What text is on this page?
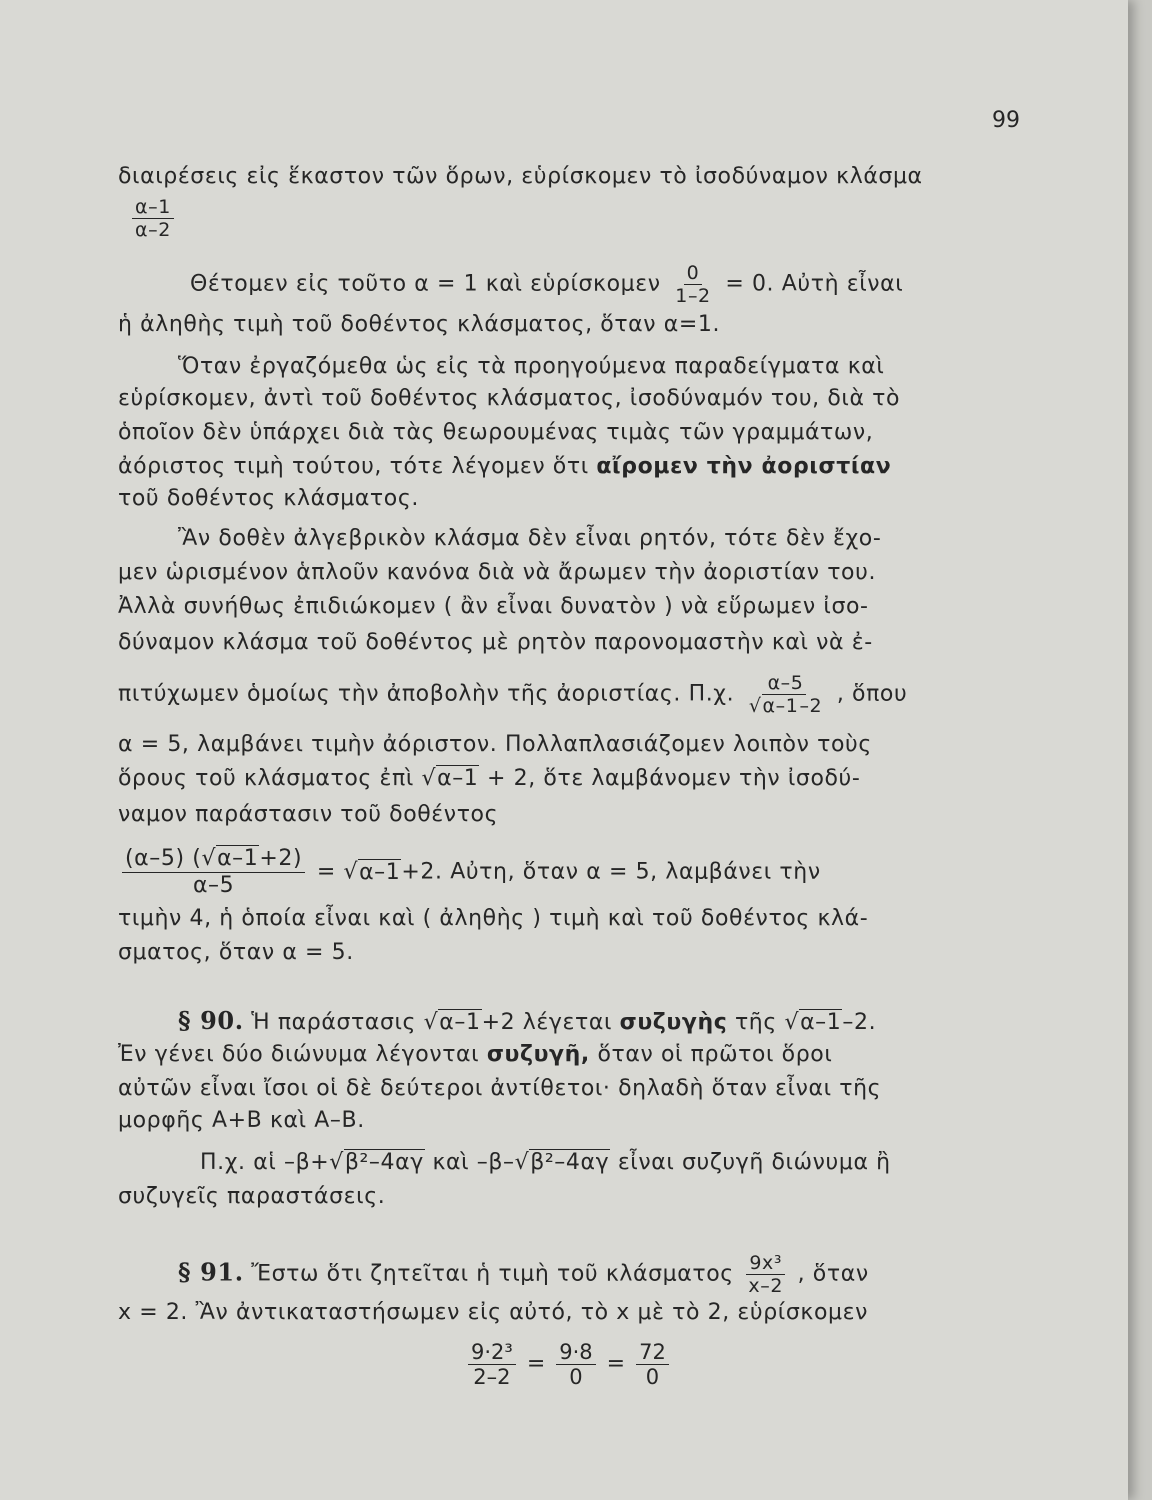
99
διαιρέσεις εἰς ἕκαστον τῶν ὅρων, εὑρίσκομεν τὸ ἰσοδύναμον κλάσμα
$\frac{\alpha-1}{\alpha-2}$
Θέτομεν εἰς τοῦτο α = 1 καὶ εὑρίσκομεν $\frac{0}{1-2} = 0$. Αὐτὴ εἶναι
ἡ ἀληθὴς τιμὴ τοῦ δοθέντος κλάσματος, ὅταν α=1.
Ὅταν ἐργαζόμεθα ὡς εἰς τὰ προηγούμενα παραδείγματα καὶ
εὑρίσκομεν, ἀντὶ τοῦ δοθέντος κλάσματος, ἰσοδύναμόν του, διὰ τὸ
ὁποῖον δὲν ὑπάρχει διὰ τὰς θεωρουμένας τιμὰς τῶν γραμμάτων,
ἀόριστος τιμὴ τούτου, τότε λέγομεν ὅτι αἴρομεν τὴν ἀοριστίαν
τοῦ δοθέντος κλάσματος.
Ἂν δοθὲν ἀλγεβρικὸν κλάσμα δὲν εἶναι ρητόν, τότε δὲν ἔχο-
μεν ὡρισμένον ἁπλοῦν κανόνα διὰ νὰ ἄρωμεν τὴν ἀοριστίαν του.
Ἀλλὰ συνήθως ἐπιδιώκομεν ( ἂν εἶναι δυνατὸν ) νὰ εὕρωμεν ἰσο-
δύναμον κλάσμα τοῦ δοθέντος μὲ ρητὸν παρονομαστὴν καὶ νὰ ἐ-
πιτύχωμεν ὁμοίως τὴν ἀποβολὴν τῆς ἀοριστίας. Π.χ. $\frac{\alpha-5}{√\alpha-1-2}$ , ὅπου
α = 5, λαμβάνει τιμὴν ἀόριστον. Πολλαπλασιάζομεν λοιπὸν τοὺς
ὅρους τοῦ κλάσματος ἐπὶ √α–1 + 2, ὅτε λαμβάνομεν τὴν ἰσοδύ-
ναμον παράστασιν τοῦ δοθέντος
$\frac{(\alpha-5) (√\alpha-1+2)}{\alpha-5} = √\alpha-1+2$. Αὐτη, ὅταν α = 5, λαμβάνει τὴν
τιμὴν 4, ἡ ὁποία εἶναι καὶ ( ἀληθὴς ) τιμὴ καὶ τοῦ δοθέντος κλά-
σματος, ὅταν α = 5.
§ 90. Ἡ παράστασις √α–1+2 λέγεται συζυγὴς τῆς √α–1–2.
Ἐν γένει δύο διώνυμα λέγονται συζυγῆ, ὅταν οἱ πρῶτοι ὅροι
αὐτῶν εἶναι ἴσοι οἱ δὲ δεύτεροι ἀντίθετοι· δηλαδὴ ὅταν εἶναι τῆς
μορφῆς Α+Β καὶ Α–Β.
Π.χ. αἱ –β+√β²–4αγ καὶ –β–√β²–4αγ εἶναι συζυγῆ διώνυμα ἢ
συζυγεῖς παραστάσεις.
§ 91. Ἔστω ὅτι ζητεῖται ἡ τιμὴ τοῦ κλάσματος $\frac{\text{9x³}}{x-2}$ , ὅταν
x = 2. Ἂν ἀντικαταστήσωμεν εἰς αὐτό, τὸ x μὲ τὸ 2, εὑρίσκομεν
$\frac{\text{9·2³}}{2-2} = \frac{9\cdot 8}{0} = \frac{72}{0}$
